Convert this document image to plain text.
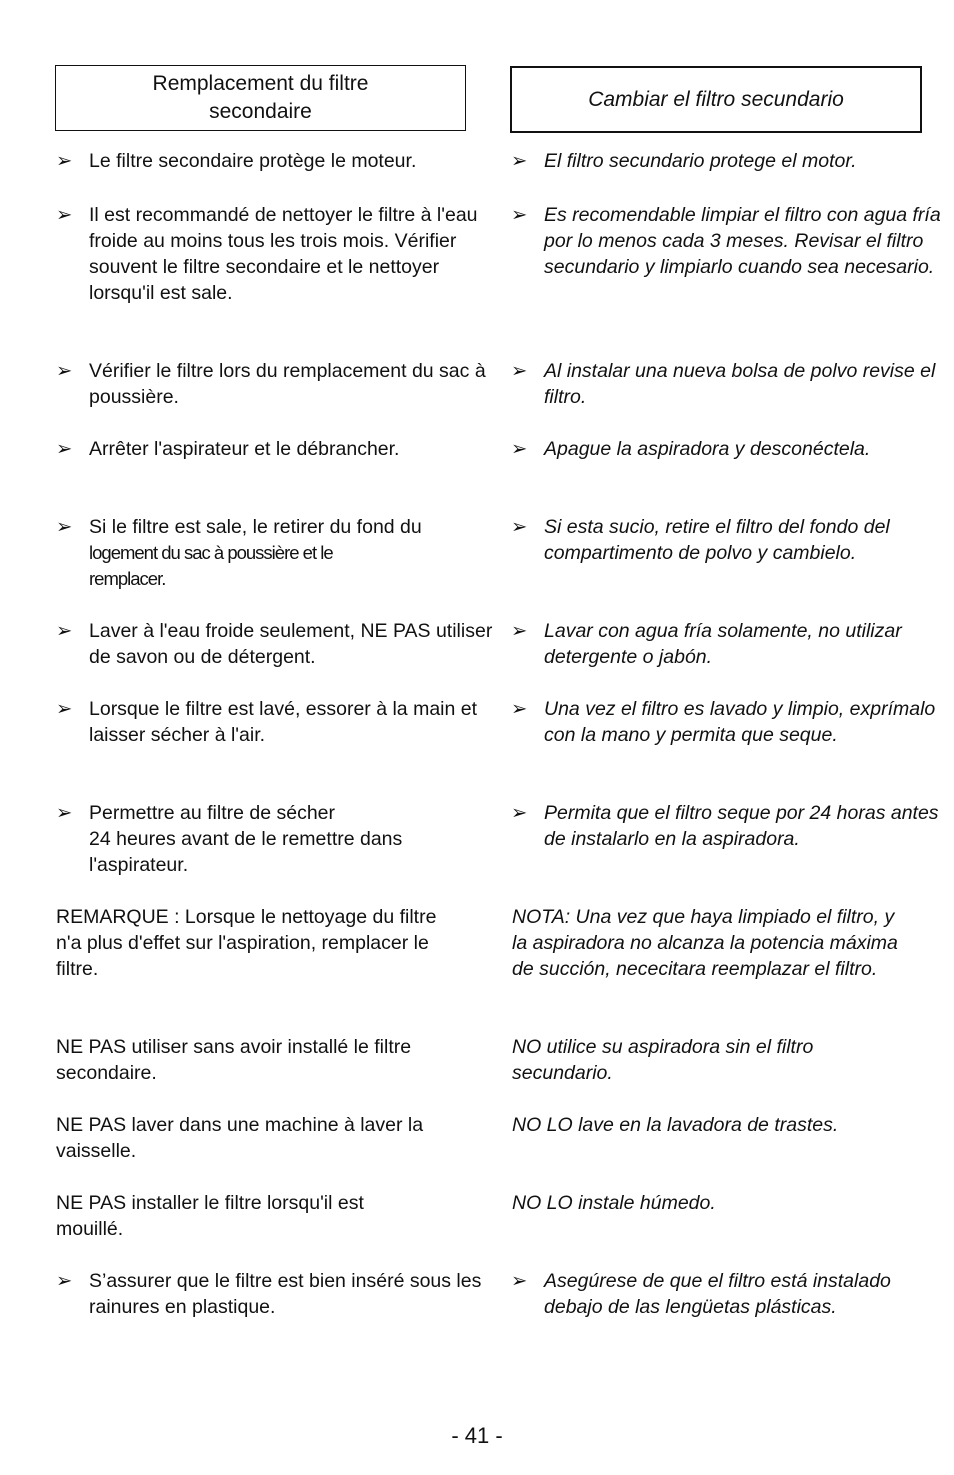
Remplacement du filtre secondaire
Cambiar el filtro secundario
➢ Le filtre secondaire protège le moteur.
➢ Il est recommandé de nettoyer le filtre à l'eau froide au moins tous les trois mois. Vérifier souvent le filtre secondaire et le nettoyer lorsqu'il est sale.
➢ Vérifier le filtre lors du remplacement du sac à poussière.
➢ Arrêter l'aspirateur et le débrancher.
➢ Si le filtre est sale, le retirer du fond du
logement du sac à poussière et le remplacer.
➢ Laver à l'eau froide seulement, NE PAS utiliser de savon ou de détergent.
➢ Lorsque le filtre est lavé, essorer à la main et laisser sécher à l'air.
➢ Permettre au filtre de sécher
24 heures avant de le remettre dans l'aspirateur.
REMARQUE : Lorsque le nettoyage du filtre n'a plus d'effet sur l'aspiration, remplacer le filtre.
NE PAS utiliser sans avoir installé le filtre secondaire.
NE PAS laver dans une machine à laver la vaisselle.
NE PAS installer le filtre lorsqu'il est mouillé.
➢ S’assurer que le filtre est bien inséré sous les rainures en plastique.
➢ El filtro secundario protege el motor.
➢ Es recomendable limpiar el filtro con agua fría por lo menos cada 3 meses. Revisar el filtro secundario y limpiarlo cuando sea necesario.
➢ Al instalar una nueva bolsa de polvo revise el filtro.
➢ Apague la aspiradora y desconéctela.
➢ Si esta sucio, retire el filtro del fondo del compartimento de polvo y cambielo.
➢ Lavar con agua fría solamente, no utilizar detergente o jabón.
➢ Una vez el filtro es lavado y limpio, exprímalo con la mano y permita que seque.
➢ Permita que el filtro seque por 24 horas antes de instalarlo en la aspiradora.
NOTA: Una vez que haya limpiado el filtro, y la aspiradora no alcanza la potencia máxima de succión, nececitara reemplazar el filtro.
NO utilice su aspiradora sin el filtro secundario.
NO LO lave en la lavadora de trastes.
NO LO instale húmedo.
➢ Asegúrese de que el filtro está instalado debajo de las lengüetas plásticas.
- 41 -
